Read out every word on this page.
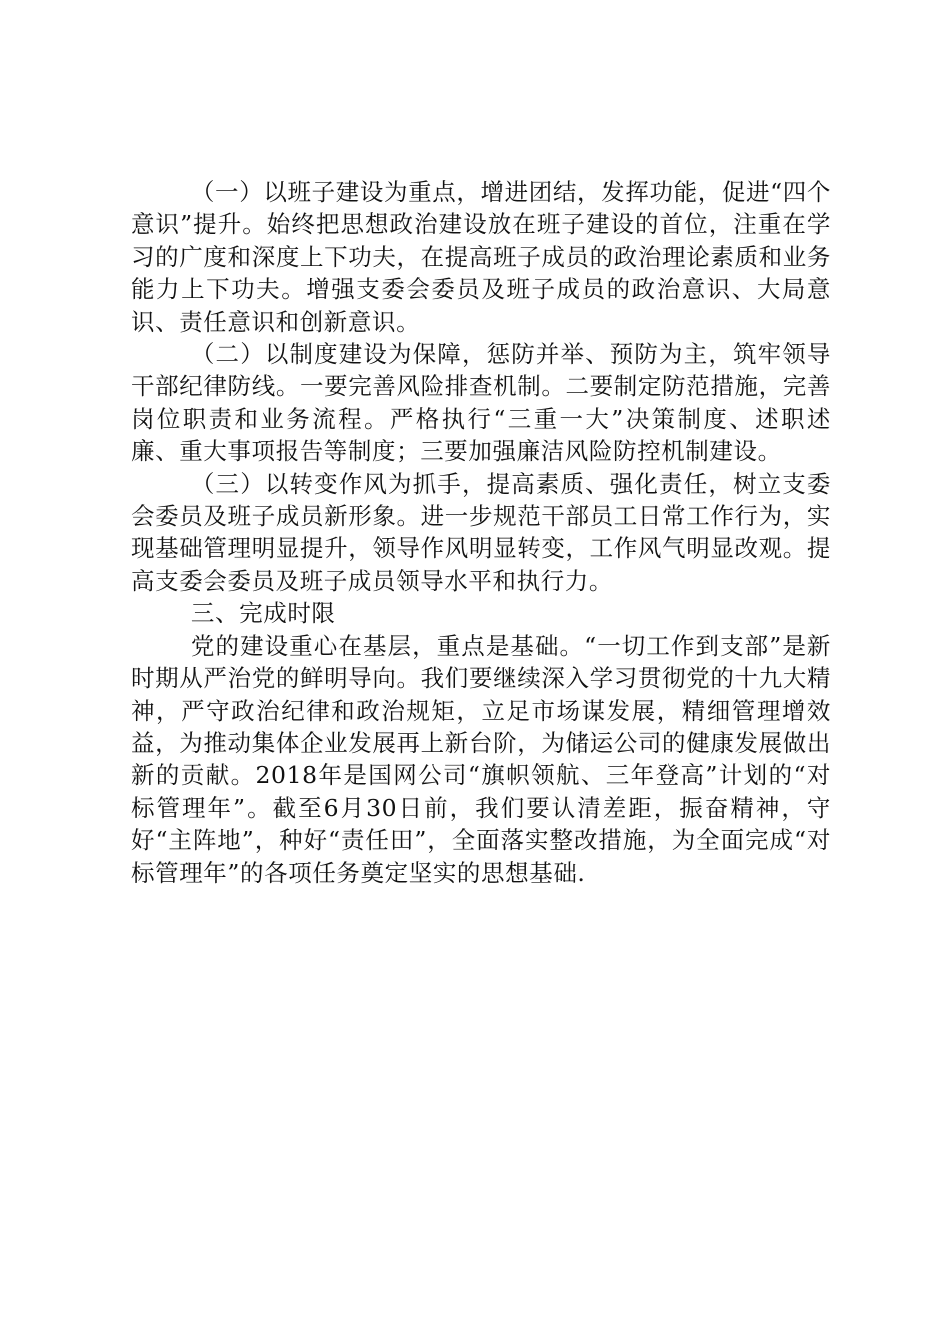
（一）以班子建设为重点，增进团结，发挥功能，促进“四个意识”提升。始终把思想政治建设放在班子建设的首位，注重在学习的广度和深度上下功夫，在提高班子成员的政治理论素质和业务能力上下功夫。增强支委会委员及班子成员的政治意识、大局意识、责任意识和创新意识。

（二）以制度建设为保障，惩防并举、预防为主，筑牢领导干部纪律防线。一要完善风险排查机制。二要制定防范措施，完善岗位职责和业务流程。严格执行“三重一大”决策制度、述职述廉、重大事项报告等制度；三要加强廉洁风险防控机制建设。

（三）以转变作风为抓手，提高素质、强化责任，树立支委会委员及班子成员新形象。进一步规范干部员工日常工作行为，实现基础管理明显提升，领导作风明显转变，工作风气明显改观。提高支委会委员及班子成员领导水平和执行力。

三、完成时限

党的建设重心在基层，重点是基础。“一切工作到支部”是新时期从严治党的鲜明导向。我们要继续深入学习贯彻党的十九大精神，严守政治纪律和政治规矩，立足市场谋发展，精细管理增效益，为推动集体企业发展再上新台阶，为储运公司的健康发展做出新的贡献。2018年是国网公司“旗帜领航、三年登高”计划的“对标管理年”。截至6月30日前，我们要认清差距，振奋精神，守好“主阵地”，种好“责任田”，全面落实整改措施，为全面完成“对标管理年”的各项任务奠定坚实的思想基础.
